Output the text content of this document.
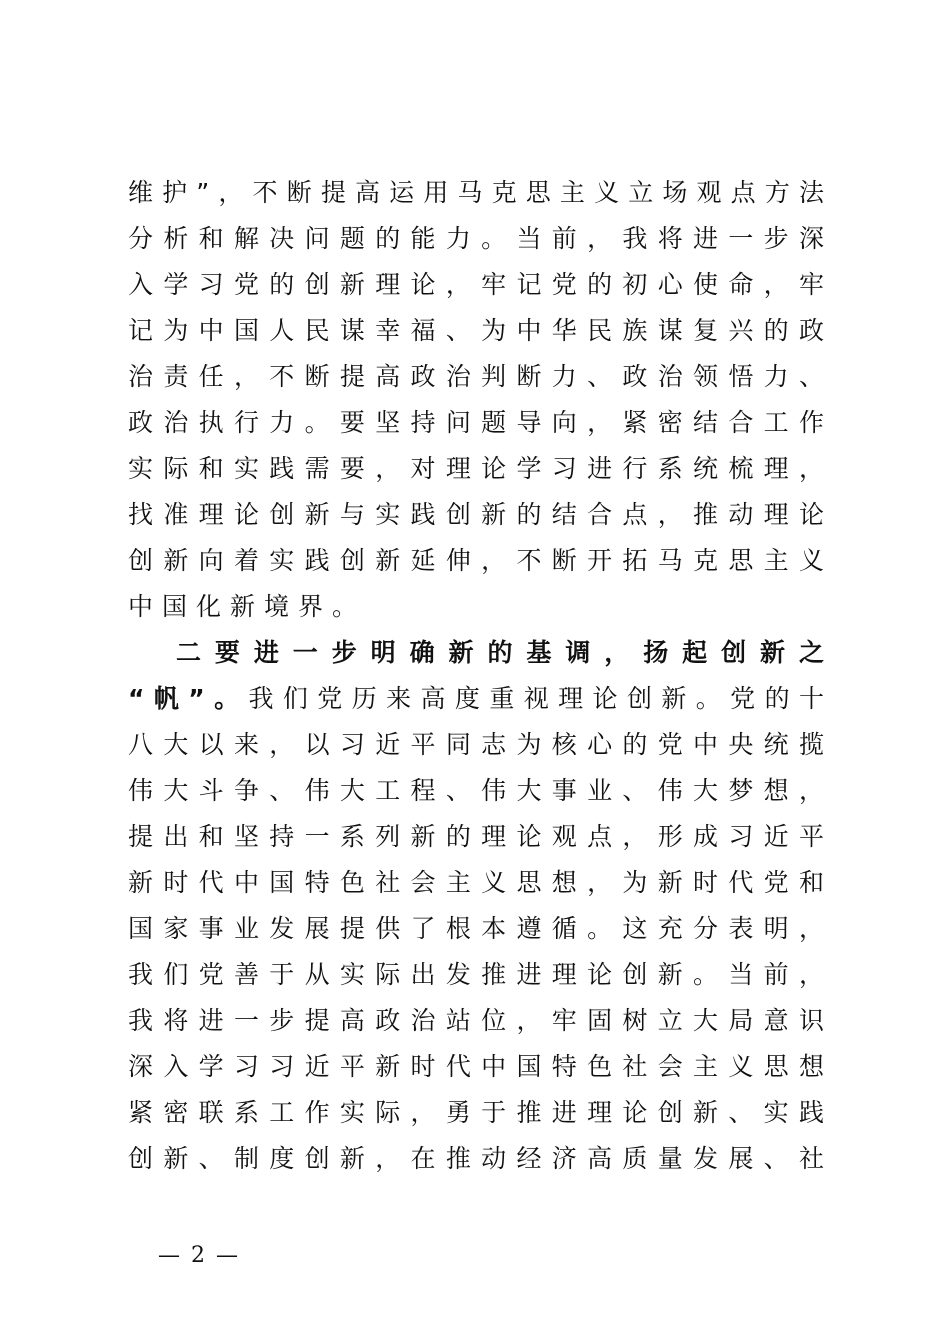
维护”，不断提高运用马克思主义立场观点方法
分析和解决问题的能力。当前，我将进一步深
入学习党的创新理论，牢记党的初心使命，牢
记为中国人民谋幸福、为中华民族谋复兴的政
治责任，不断提高政治判断力、政治领悟力、
政治执行力。要坚持问题导向，紧密结合工作
实际和实践需要，对理论学习进行系统梳理，
找准理论创新与实践创新的结合点，推动理论
创新向着实践创新延伸，不断开拓马克思主义
中国化新境界。
二要进一步明确新的基调，扬起创新之
“帆”。我们党历来高度重视理论创新。党的十
八大以来，以习近平同志为核心的党中央统揽
伟大斗争、伟大工程、伟大事业、伟大梦想，
提出和坚持一系列新的理论观点，形成习近平
新时代中国特色社会主义思想，为新时代党和
国家事业发展提供了根本遵循。这充分表明，
我们党善于从实际出发推进理论创新。当前，
我将进一步提高政治站位，牢固树立大局意识
深入学习习近平新时代中国特色社会主义思想
紧密联系工作实际，勇于推进理论创新、实践
创新、制度创新，在推动经济高质量发展、社
— 2 —
